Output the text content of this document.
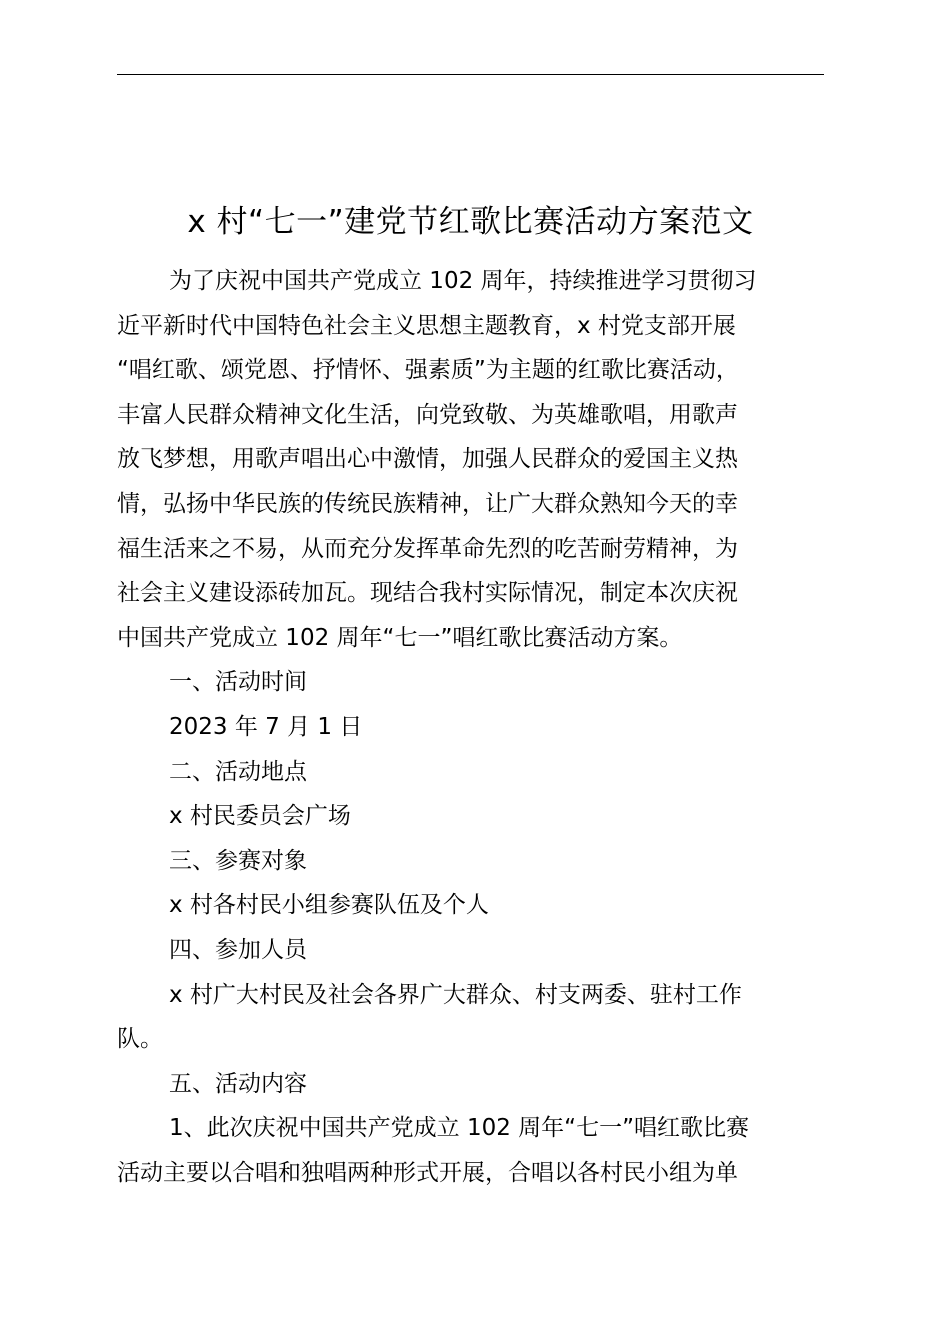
x 村“七一”建党节红歌比赛活动方案范文

为了庆祝中国共产党成立 102 周年，持续推进学习贯彻习
近平新时代中国特色社会主义思想主题教育，x 村党支部开展
“唱红歌、颂党恩、抒情怀、强素质”为主题的红歌比赛活动，
丰富人民群众精神文化生活，向党致敬、为英雄歌唱，用歌声
放飞梦想，用歌声唱出心中激情，加强人民群众的爱国主义热
情，弘扬中华民族的传统民族精神，让广大群众熟知今天的幸
福生活来之不易，从而充分发挥革命先烈的吃苦耐劳精神，为
社会主义建设添砖加瓦。现结合我村实际情况，制定本次庆祝
中国共产党成立 102 周年“七一”唱红歌比赛活动方案。

一、活动时间

2023 年 7 月 1 日

二、活动地点

x 村民委员会广场

三、参赛对象

x 村各村民小组参赛队伍及个人

四、参加人员

x 村广大村民及社会各界广大群众、村支两委、驻村工作
队。

五、活动内容

1、此次庆祝中国共产党成立 102 周年“七一”唱红歌比赛
活动主要以合唱和独唱两种形式开展，合唱以各村民小组为单
